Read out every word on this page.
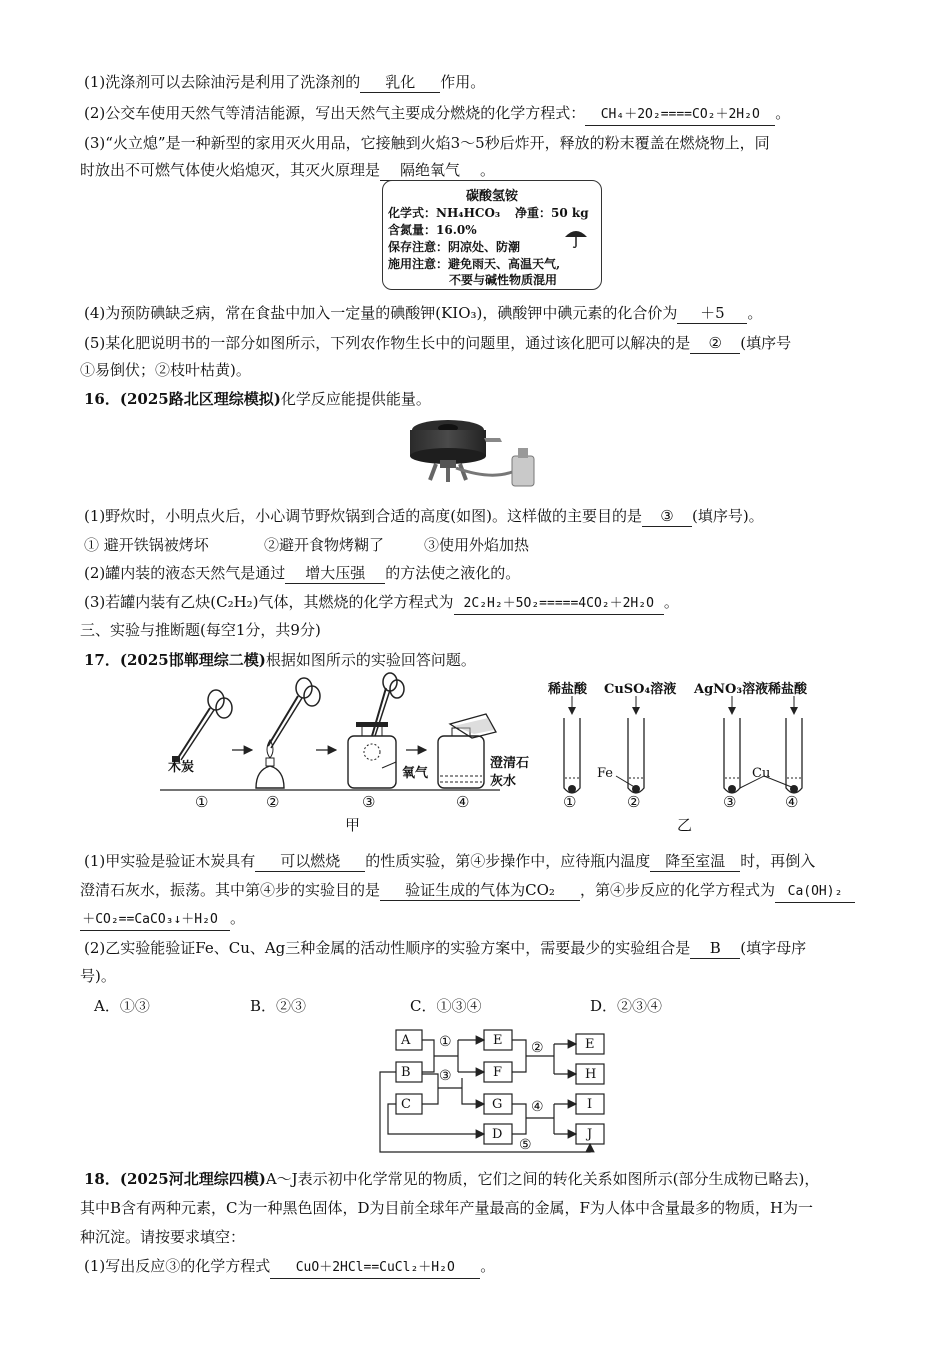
(1)洗涤剂可以去除油污是利用了洗涤剂的 乳化 作用。
(2)公交车使用天然气等清洁能源，写出天然气主要成分燃烧的化学方程式： CH₄＋2O₂====CO₂＋2H₂O 。
(3)“火立熄”是一种新型的家用灭火用品，它接触到火焰3～5秒后炸开，释放的粉末覆盖在燃烧物上，同
时放出不可燃气体使火焰熄灭，其灭火原理是 隔绝氧气 。
碳酸氢铵
化学式：NH₄HCO₃ 净重：50 kg
含氮量：16.0%
保存注意：阴凉处、防潮
施用注意：避免雨天、高温天气,
不要与碱性物质混用
(4)为预防碘缺乏病，常在食盐中加入一定量的碘酸钾(KIO₃)，碘酸钾中碘元素的化合价为 ＋5 。
(5)某化肥说明书的一部分如图所示，下列农作物生长中的问题里，通过该化肥可以解决的是 ② (填序号
①易倒伏；②枝叶枯黄)。
16．(2025路北区理综模拟)化学反应能提供能量。
(1)野炊时，小明点火后，小心调节野炊锅到合适的高度(如图)。这样做的主要目的是 ③ (填序号)。
① 避开铁锅被烤坏	②避开食物烤糊了	③使用外焰加热
(2)罐内装的液态天然气是通过 增大压强 的方法使之液化的。
(3)若罐内装有乙炔(C₂H₂)气体，其燃烧的化学方程式为 2C₂H₂＋5O₂=====4CO₂＋2H₂O 。
三、实验与推断题(每空1分，共9分)
17．(2025邯郸理综二模)根据如图所示的实验回答问题。
木炭	氧气
澄清石
灰水
①	②	③	④
甲
稀盐酸 CuSO₄溶液 AgNO₃溶液 稀盐酸
Fe	Cu
①	②	③	④
乙
(1)甲实验是验证木炭具有 可以燃烧 的性质实验，第④步操作中，应待瓶内温度 降至室温 时，再倒入
澄清石灰水，振荡。其中第④步的实验目的是 验证生成的气体为CO₂ ，第④步反应的化学方程式为 Ca(OH)₂
＋CO₂==CaCO₃↓＋H₂O 。
(2)乙实验能验证Fe、Cu、Ag三种金属的活动性顺序的实验方案中，需要最少的实验组合是 B (填字母序
号)。
A．①③	B．②③	C．①③④	D．②③④
A
B
C
E
F
G
D
E
H
I
J
①	②
③
④
⑤
18．(2025河北理综四模)A～J表示初中化学常见的物质，它们之间的转化关系如图所示(部分生成物已略去)，
其中B含有两种元素，C为一种黑色固体，D为目前全球年产量最高的金属，F为人体中含量最多的物质，H为一
种沉淀。请按要求填空：
(1)写出反应③的化学方程式 CuO＋2HCl==CuCl₂＋H₂O 。
